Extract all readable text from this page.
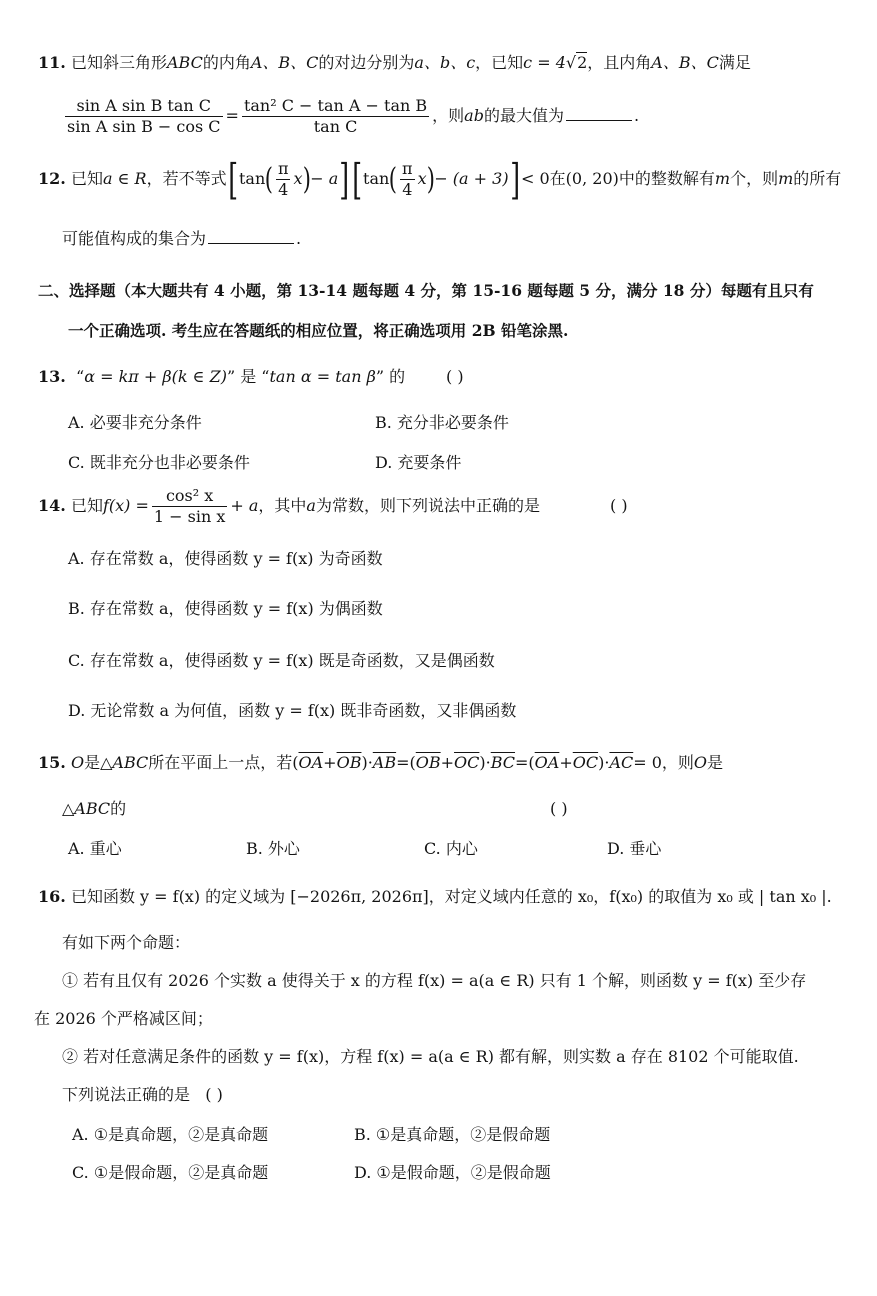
11. 已知斜三角形ABC的内角A、B、C的对边分别为a、b、c，已知c = 4√2，且内角A、B、C满足
$\frac{\text{sin A sin B tan C}}{\text{sin A sin B − cos C}} = \frac{\text{tan² C − tan A − tan B}}{\text{tan C}}$ ，则ab的最大值为	.
12. 已知a ∈ R，若不等式$[\tan( \frac{\pi}{4} x)- a][\tan( \frac{\pi}{4} x)- (a + 3)]< 0$在(0, 20)中的整数解有m个，则m的所有
可能值构成的集合为	.
二、选择题（本大题共有 4 小题，第 13-14 题每题 4 分，第 15-16 题每题 5 分，满分 18 分）每题有且只有
一个正确选项. 考生应在答题纸的相应位置，将正确选项用 2B 铅笔涂黑.
13. “α = kπ + β(k ∈ Z)” 是 “tan α = tan β” 的	( )
A. 必要非充分条件	B. 充分非必要条件
C. 既非充分也非必要条件	D. 充要条件
14. 已知$f(x) = \frac{\text{cos² x}}{\text{1 − sin x}} + a$，其中a为常数，则下列说法中正确的是	( )
A. 存在常数 a，使得函数 y = f(x) 为奇函数
B. 存在常数 a，使得函数 y = f(x) 为偶函数
C. 存在常数 a，使得函数 y = f(x) 既是奇函数，又是偶函数
D. 无论常数 a 为何值，函数 y = f(x) 既非奇函数，又非偶函数
15. O是△ABC所在平面上一点，若$(\overline{OA}+\overline{OB})\cdot\overline{AB}=(\overline{OB}+\overline{OC})\cdot\overline{BC}=(\overline{OA}+\overline{OC})\cdot\overline{AC}= 0$，则O是
△ABC的	( )
A. 重心	B. 外心	C. 内心	D. 垂心
16. 已知函数 y = f(x) 的定义域为 [−2026π, 2026π]，对定义域内任意的 x₀，f(x₀) 的取值为 x₀ 或 | tan x₀ |.
有如下两个命题：
① 若有且仅有 2026 个实数 a 使得关于 x 的方程 f(x) = a(a ∈ R) 只有 1 个解，则函数 y = f(x) 至少存
在 2026 个严格减区间；
② 若对任意满足条件的函数 y = f(x)，方程 f(x) = a(a ∈ R) 都有解，则实数 a 存在 8102 个可能取值.
下列说法正确的是 ( )
A. ①是真命题，②是真命题	B. ①是真命题，②是假命题
C. ①是假命题，②是真命题	D. ①是假命题，②是假命题
